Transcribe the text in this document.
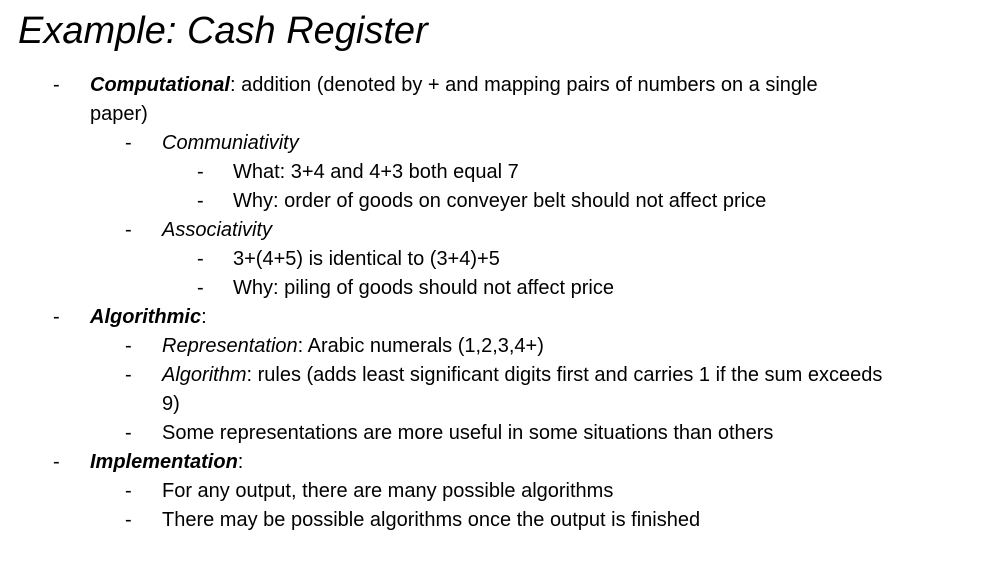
Example: Cash Register
- Computational: addition (denoted by + and mapping pairs of numbers on a single
paper)
- Communiativity
- What: 3+4 and 4+3 both equal 7
- Why: order of goods on conveyer belt should not affect price
- Associativity
- 3+(4+5) is identical to (3+4)+5
- Why: piling of goods should not affect price
- Algorithmic:
- Representation: Arabic numerals (1,2,3,4+)
- Algorithm: rules (adds least significant digits first and carries 1 if the sum exceeds
9)
- Some representations are more useful in some situations than others
- Implementation:
- For any output, there are many possible algorithms
- There may be possible algorithms once the output is finished
